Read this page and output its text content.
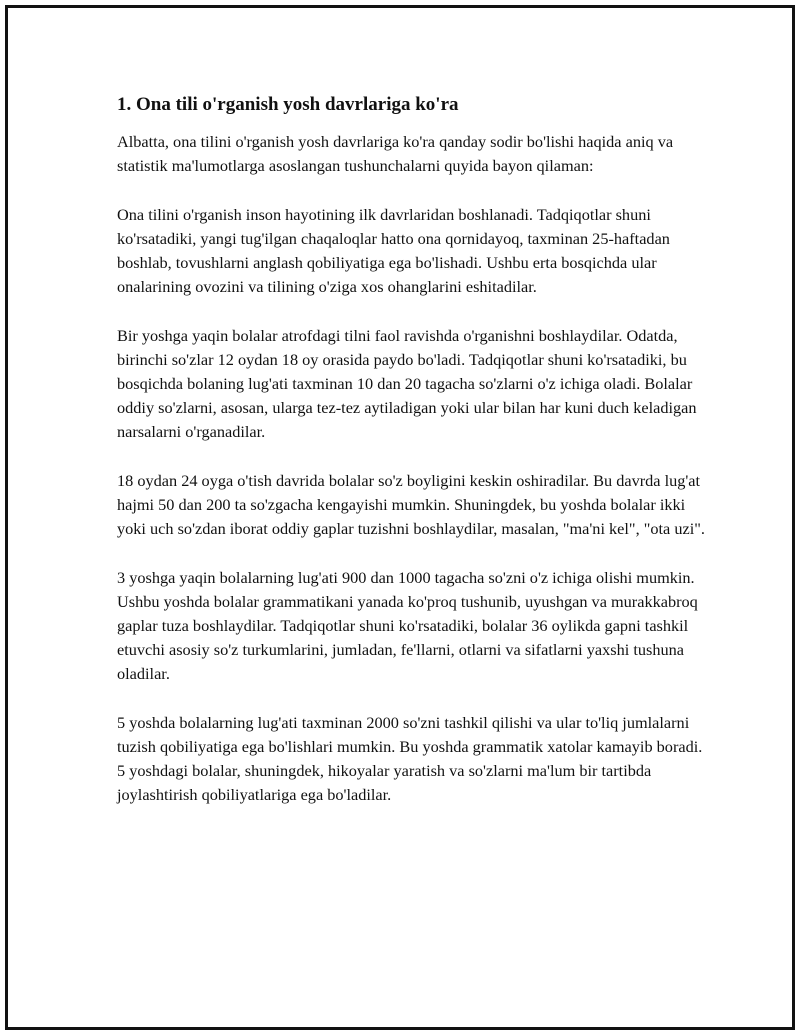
1. Ona tili o'rganish yosh davrlariga ko'ra

Albatta, ona tilini o'rganish yosh davrlariga ko'ra qanday sodir bo'lishi haqida aniq va statistik ma'lumotlarga asoslangan tushunchalarni quyida bayon qilaman:

Ona tilini o'rganish inson hayotining ilk davrlaridan boshlanadi. Tadqiqotlar shuni ko'rsatadiki, yangi tug'ilgan chaqaloqlar hatto ona qornidayoq, taxminan 25-haftadan boshlab, tovushlarni anglash qobiliyatiga ega bo'lishadi. Ushbu erta bosqichda ular onalarining ovozini va tilining o'ziga xos ohanglarini eshitadilar.

Bir yoshga yaqin bolalar atrofdagi tilni faol ravishda o'rganishni boshlaydilar. Odatda, birinchi so'zlar 12 oydan 18 oy orasida paydo bo'ladi. Tadqiqotlar shuni ko'rsatadiki, bu bosqichda bolaning lug'ati taxminan 10 dan 20 tagacha so'zlarni o'z ichiga oladi. Bolalar oddiy so'zlarni, asosan, ularga tez-tez aytiladigan yoki ular bilan har kuni duch keladigan narsalarni o'rganadilar.

18 oydan 24 oyga o'tish davrida bolalar so'z boyligini keskin oshiradilar. Bu davrda lug'at hajmi 50 dan 200 ta so'zgacha kengayishi mumkin. Shuningdek, bu yoshda bolalar ikki yoki uch so'zdan iborat oddiy gaplar tuzishni boshlaydilar, masalan, "ma'ni kel", "ota uzi".

3 yoshga yaqin bolalarning lug'ati 900 dan 1000 tagacha so'zni o'z ichiga olishi mumkin. Ushbu yoshda bolalar grammatikani yanada ko'proq tushunib, uyushgan va murakkabroq gaplar tuza boshlaydilar. Tadqiqotlar shuni ko'rsatadiki, bolalar 36 oylikda gapni tashkil etuvchi asosiy so'z turkumlarini, jumladan, fe'llarni, otlarni va sifatlarni yaxshi tushuna oladilar.

5 yoshda bolalarning lug'ati taxminan 2000 so'zni tashkil qilishi va ular to'liq jumlalarni tuzish qobiliyatiga ega bo'lishlari mumkin. Bu yoshda grammatik xatolar kamayib boradi. 5 yoshdagi bolalar, shuningdek, hikoyalar yaratish va so'zlarni ma'lum bir tartibda joylashtirish qobiliyatlariga ega bo'ladilar.
